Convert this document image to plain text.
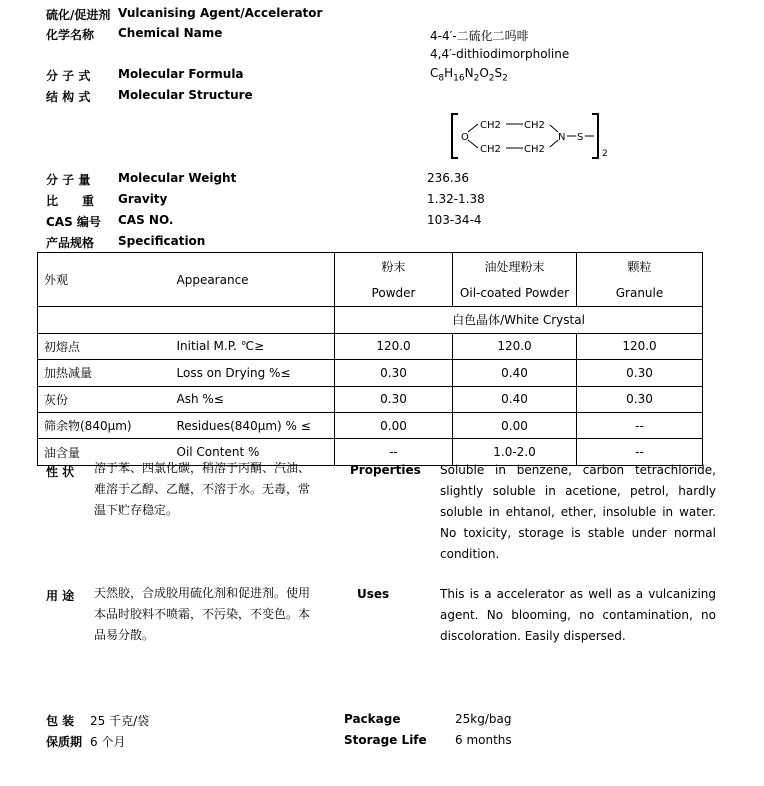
硫化/促进剂 Vulcanising Agent/Accelerator
化学名称 Chemical Name	4-4′-二硫化二吗啡
4,4′-dithiodimorpholine
分 子 式 Molecular Formula	$C_8H_{16}N_2O_2S_2$
结 构 式 Molecular Structure
O
CH2 CH2
CH2 CH2
N S
2
分 子 量 Molecular Weight	236.36
比　　重 Gravity	1.32-1.38
CAS 编号 CAS NO.	103-34-4
产品规格 Specification
外观	Appearance	粉末	油处理粉末	颗粒
		Powder	Oil-coated Powder	Granule
		白色晶体/White Crystal		
初熔点	Initial M.P. ℃≥	120.0	120.0	120.0
加热减量	Loss on Drying %≤	0.30	0.40	0.30
灰份	Ash %≤	0.30	0.40	0.30
筛余物(840μm)	Residues(840μm) % ≤	0.00	0.00	--
油含量	Oil Content %	--	1.0-2.0	--
性 状 溶于苯、四氯化碳，稍溶于丙酮、汽油、难溶于乙醇、乙醚，不溶于水。无毒，常温下贮存稳定。
Properties Soluble in benzene, carbon tetrachloride, slightly soluble in acetione, petrol, hardly soluble in ehtanol, ether, insoluble in water. No toxicity, storage is stable under normal condition.
用 途 天然胶，合成胶用硫化剂和促进剂。使用本品时胶料不喷霜，不污染，不变色。本品易分散。
Uses	This is a accelerator as well as a vulcanizing agent. No blooming, no contamination, no discoloration. Easily dispersed.
包 装 25 千克/袋	Package	25kg/bag
保质期 6 个月	Storage Life 6 months
